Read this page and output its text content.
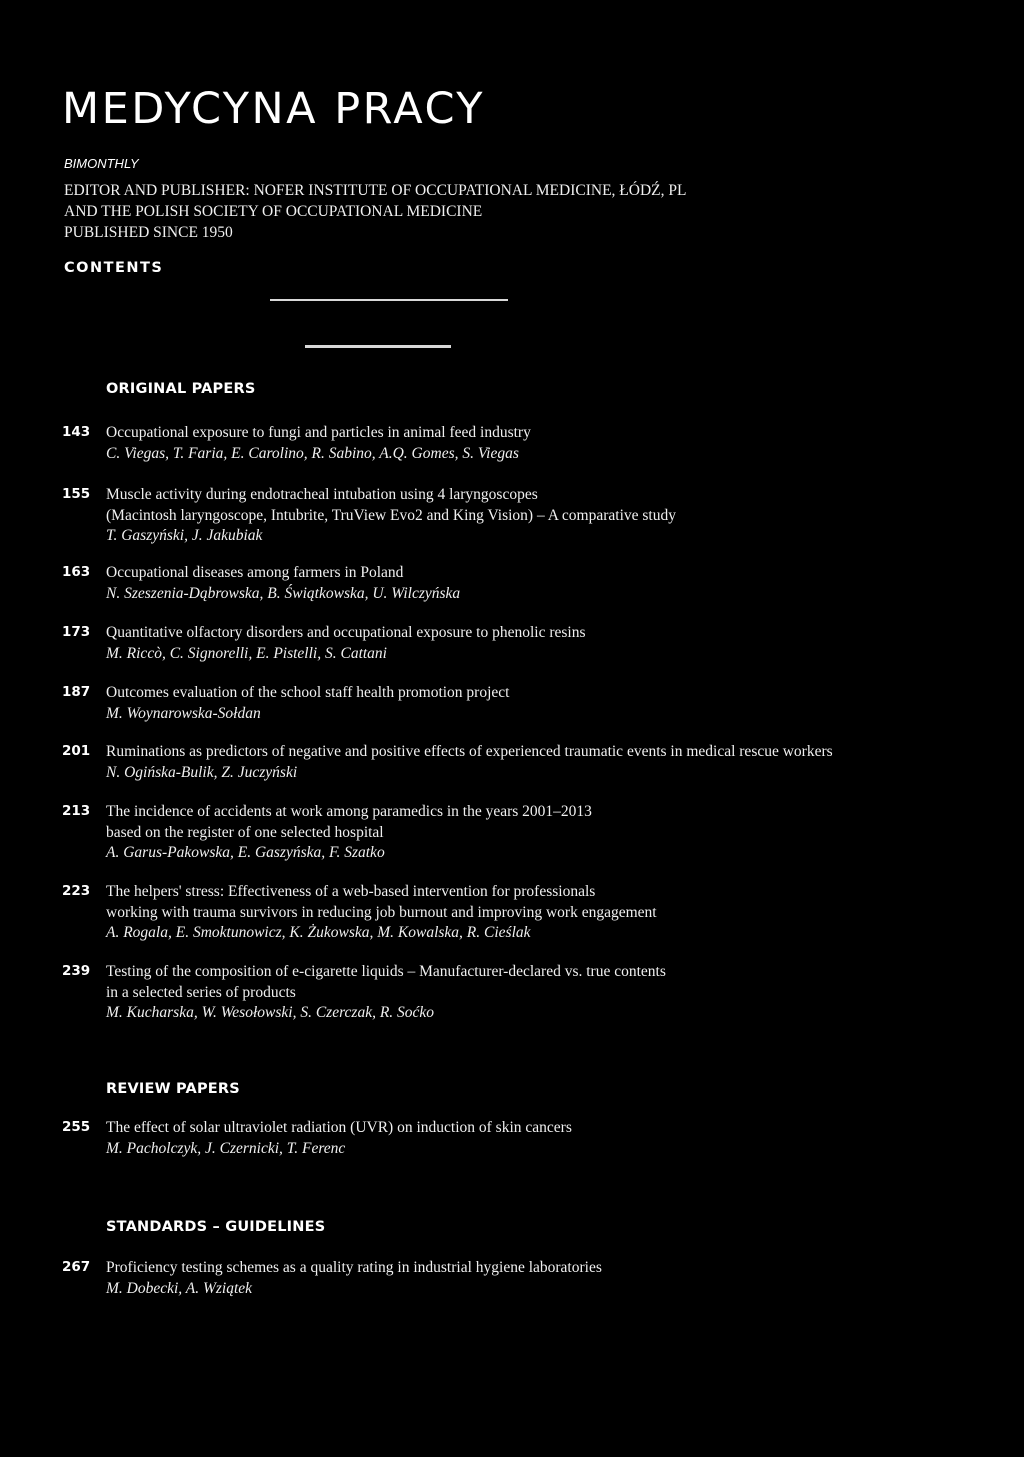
MEDYCYNA PRACY
BIMONTHLY
EDITOR AND PUBLISHER: NOFER INSTITUTE OF OCCUPATIONAL MEDICINE, ŁÓDŹ, PL
AND THE POLISH SOCIETY OF OCCUPATIONAL MEDICINE
PUBLISHED SINCE 1950
CONTENTS
ORIGINAL PAPERS
143 Occupational exposure to fungi and particles in animal feed industry
C. Viegas, T. Faria, E. Carolino, R. Sabino, A.Q. Gomes, S. Viegas
155 Muscle activity during endotracheal intubation using 4 laryngoscopes
(Macintosh laryngoscope, Intubrite, TruView Evo2 and King Vision) – A comparative study
T. Gaszyński, J. Jakubiak
163 Occupational diseases among farmers in Poland
N. Szeszenia-Dąbrowska, B. Świątkowska, U. Wilczyńska
173 Quantitative olfactory disorders and occupational exposure to phenolic resins
M. Riccò, C. Signorelli, E. Pistelli, S. Cattani
187 Outcomes evaluation of the school staff health promotion project
M. Woynarowska-Sołdan
201 Ruminations as predictors of negative and positive effects of experienced traumatic events in medical rescue workers
N. Ogińska-Bulik, Z. Juczyński
213 The incidence of accidents at work among paramedics in the years 2001–2013
based on the register of one selected hospital
A. Garus-Pakowska, E. Gaszyńska, F. Szatko
223 The helpers' stress: Effectiveness of a web-based intervention for professionals
working with trauma survivors in reducing job burnout and improving work engagement
A. Rogala, E. Smoktunowicz, K. Żukowska, M. Kowalska, R. Cieślak
239 Testing of the composition of e-cigarette liquids – Manufacturer-declared vs. true contents
in a selected series of products
M. Kucharska, W. Wesołowski, S. Czerczak, R. Soćko
REVIEW PAPERS
255 The effect of solar ultraviolet radiation (UVR) on induction of skin cancers
M. Pacholczyk, J. Czernicki, T. Ferenc
STANDARDS – GUIDELINES
267 Proficiency testing schemes as a quality rating in industrial hygiene laboratories
M. Dobecki, A. Wziątek
